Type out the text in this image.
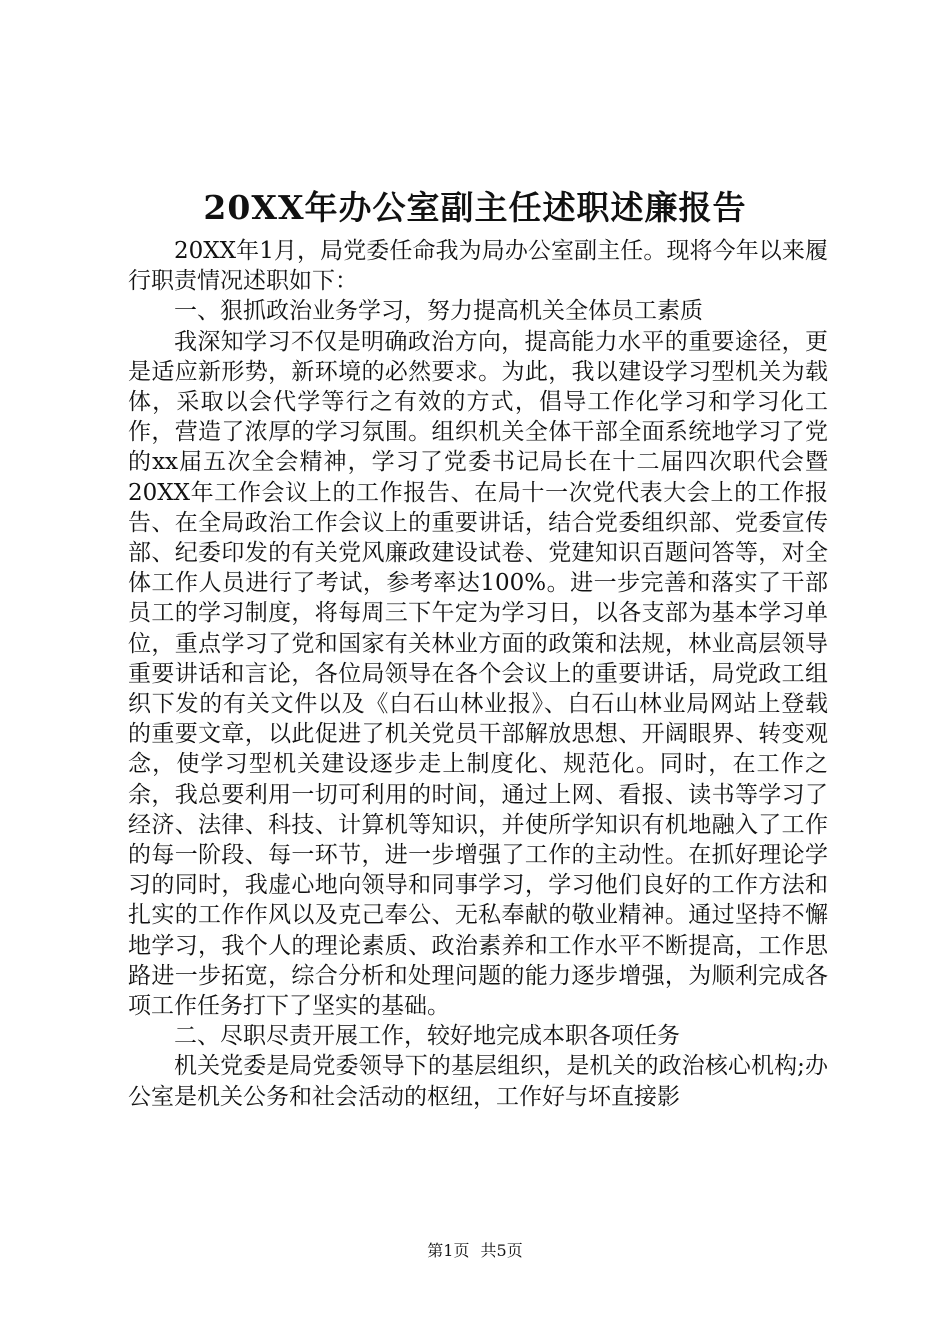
20XX年办公室副主任述职述廉报告

20XX年1月，局党委任命我为局办公室副主任。现将今年以来履行职责情况述职如下：

一、狠抓政治业务学习，努力提高机关全体员工素质

我深知学习不仅是明确政治方向，提高能力水平的重要途径，更是适应新形势，新环境的必然要求。为此，我以建设学习型机关为载体，采取以会代学等行之有效的方式，倡导工作化学习和学习化工作，营造了浓厚的学习氛围。组织机关全体干部全面系统地学习了党的xx届五次全会精神，学习了党委书记局长在十二届四次职代会暨20XX年工作会议上的工作报告、在局十一次党代表大会上的工作报告、在全局政治工作会议上的重要讲话，结合党委组织部、党委宣传部、纪委印发的有关党风廉政建设试卷、党建知识百题问答等，对全体工作人员进行了考试，参考率达100%。进一步完善和落实了干部员工的学习制度，将每周三下午定为学习日，以各支部为基本学习单位，重点学习了党和国家有关林业方面的政策和法规，林业高层领导重要讲话和言论，各位局领导在各个会议上的重要讲话，局党政工组织下发的有关文件以及《白石山林业报》、白石山林业局网站上登载的重要文章，以此促进了机关党员干部解放思想、开阔眼界、转变观念，使学习型机关建设逐步走上制度化、规范化。同时，在工作之余，我总要利用一切可利用的时间，通过上网、看报、读书等学习了经济、法律、科技、计算机等知识，并使所学知识有机地融入了工作的每一阶段、每一环节，进一步增强了工作的主动性。在抓好理论学习的同时，我虚心地向领导和同事学习，学习他们良好的工作方法和扎实的工作作风以及克己奉公、无私奉献的敬业精神。通过坚持不懈地学习，我个人的理论素质、政治素养和工作水平不断提高，工作思路进一步拓宽，综合分析和处理问题的能力逐步增强，为顺利完成各项工作任务打下了坚实的基础。

二、尽职尽责开展工作，较好地完成本职各项任务

机关党委是局党委领导下的基层组织，是机关的政治核心机构;办公室是机关公务和社会活动的枢纽，工作好与坏直接影

第1页 共5页
